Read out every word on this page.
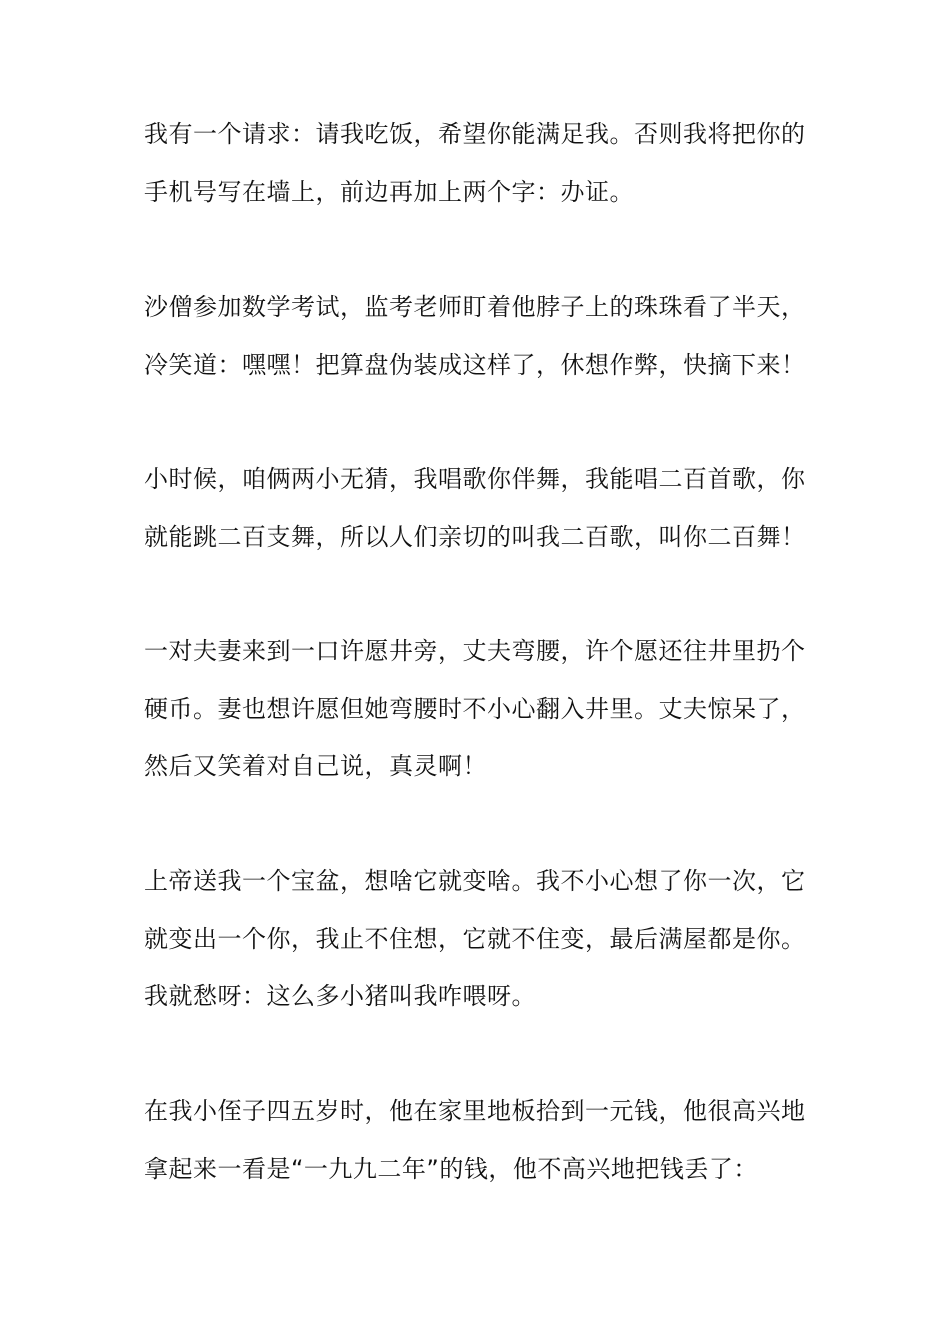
我有一个请求：请我吃饭，希望你能满足我。否则我将把你的
手机号写在墙上，前边再加上两个字：办证。

沙僧参加数学考试，监考老师盯着他脖子上的珠珠看了半天，
冷笑道：嘿嘿！把算盘伪装成这样了，休想作弊，快摘下来！

小时候，咱俩两小无猜，我唱歌你伴舞，我能唱二百首歌，你
就能跳二百支舞，所以人们亲切的叫我二百歌，叫你二百舞！

一对夫妻来到一口许愿井旁，丈夫弯腰，许个愿还往井里扔个
硬币。妻也想许愿但她弯腰时不小心翻入井里。丈夫惊呆了，
然后又笑着对自己说，真灵啊！

上帝送我一个宝盆，想啥它就变啥。我不小心想了你一次，它
就变出一个你，我止不住想，它就不住变，最后满屋都是你。
我就愁呀：这么多小猪叫我咋喂呀。

在我小侄子四五岁时，他在家里地板拾到一元钱，他很高兴地
拿起来一看是“一九九二年”的钱，他不高兴地把钱丢了：
